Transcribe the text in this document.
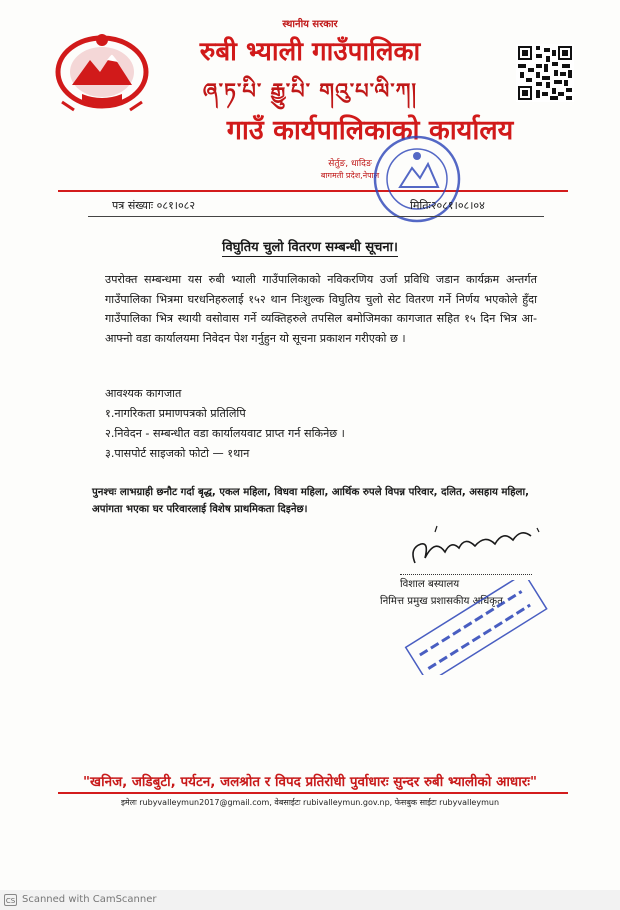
स्थानीय सरकार
रुबी भ्याली गाउँपालिका
ཞ་ཏ་པི་ རྒྱུ་པི་ གའུ་པ་ལི་ཀ།
गाउँ कार्यपालिकाको कार्यालय
सेर्तुङ, धादिङ
बागमती प्रदेश,नेपाल
पत्र संख्याः ०८१।०८२	मितिः२०८१।०८।०४
विघुतिय चुलो वितरण सम्बन्धी सूचना।
उपरोक्त सम्बन्धमा यस रुबी भ्याली गाउँपालिकाको नविकरणिय उर्जा प्रविधि जडान कार्यक्रम अन्तर्गत गाउँपालिका भित्रमा घरधनिहरुलाई १५२ थान निःशुल्क विघुतिय चुलो सेट वितरण गर्ने निर्णय भएकोले हुँदा गाउँपालिका भित्र स्थायी वसोवास गर्ने व्यक्तिहरुले तपसिल बमोजिमका कागजात सहित १५ दिन भित्र आ- आफ्नो वडा कार्यालयमा निवेदन पेश गर्नुहुन यो सूचना प्रकाशन गरीएको छ ।
आवश्यक कागजात
१.नागरिकता प्रमाणपत्रको प्रतिलिपि
२.निवेदन - सम्बन्धीत वडा कार्यालयवाट प्राप्त गर्न सकिनेछ ।
३.पासपोर्ट साइजको फोटो — १थान
पुनश्चः लाभग्राही छनौट गर्दा बृद्ध, एकल महिला, विधवा महिला, आर्थिक रुपले विपन्न परिवार, दलित, असहाय महिला, अपांगता भएका घर परिवारलाई विशेष प्राथमिकता दिइनेछ।
विशाल बस्यालय
निमित्त प्रमुख प्रशासकीय अधिकृत
"खनिज, जडिबुटी, पर्यटन, जलश्रोत र विपद प्रतिरोधी पुर्वाधारः सुन्दर रुबी भ्यालीको आधारः"
इमेलः rubyvalleymun2017@gmail.com, वेबसाईटः rubivalleymun.gov.np, फेसबुक साईटः rubyvalleymun
CS Scanned with CamScanner
